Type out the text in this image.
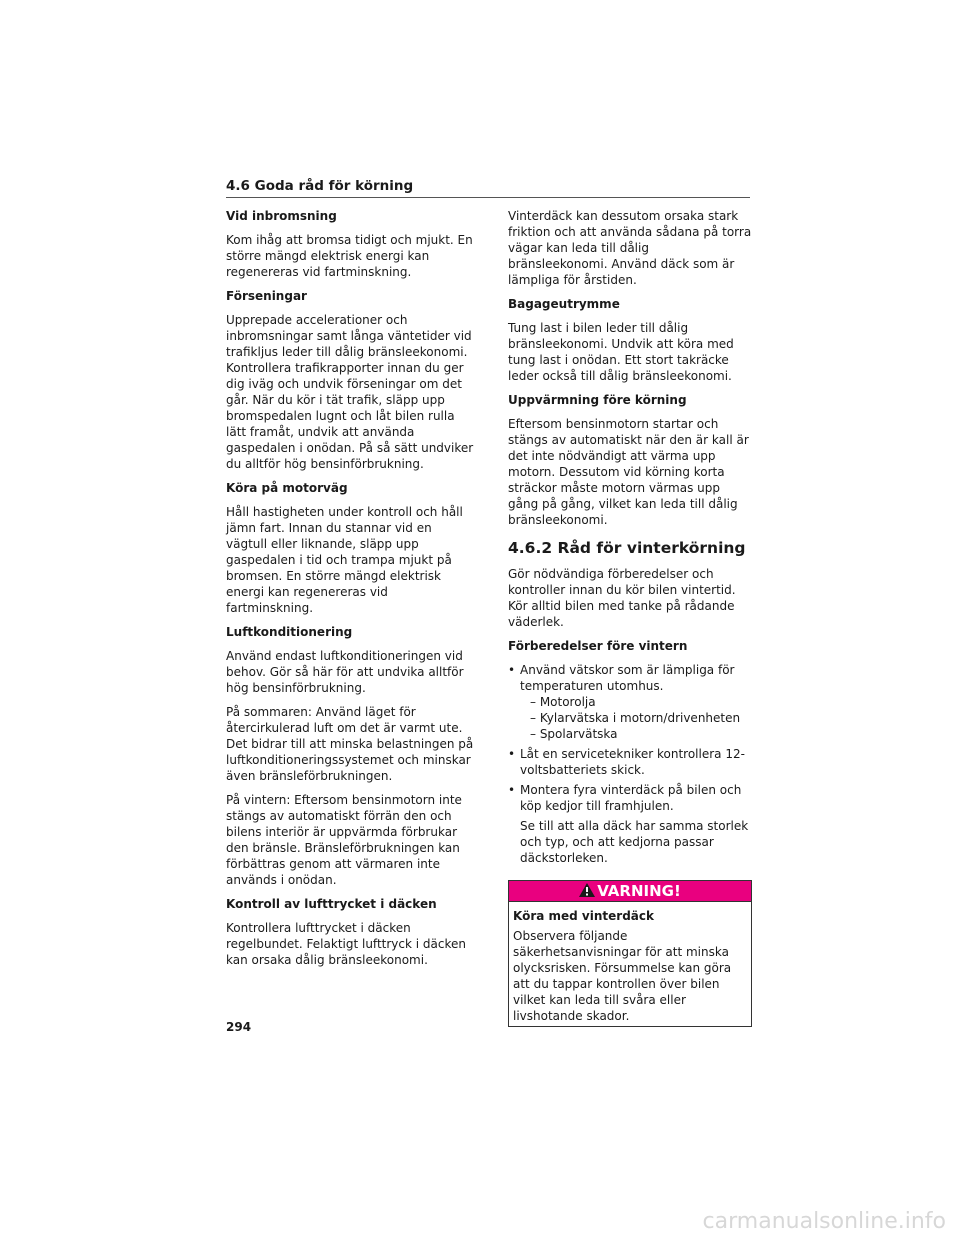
4.6 Goda råd för körning
Vid inbromsning
Kom ihåg att bromsa tidigt och mjukt. En större mängd elektrisk energi kan regenereras vid fartminskning.
Förseningar
Upprepade accelerationer och inbromsningar samt långa väntetider vid trafikljus leder till dålig bränsleekonomi. Kontrollera trafikrapporter innan du ger dig iväg och undvik förseningar om det går. När du kör i tät trafik, släpp upp bromspedalen lugnt och låt bilen rulla lätt framåt, undvik att använda gaspedalen i onödan. På så sätt undviker du alltför hög bensinförbrukning.
Köra på motorväg
Håll hastigheten under kontroll och håll jämn fart. Innan du stannar vid en vägtull eller liknande, släpp upp gaspedalen i tid och trampa mjukt på bromsen. En större mängd elektrisk energi kan regenereras vid fartminskning.
Luftkonditionering
Använd endast luftkonditioneringen vid behov. Gör så här för att undvika alltför hög bensinförbrukning.
På sommaren: Använd läget för återcirkulerad luft om det är varmt ute. Det bidrar till att minska belastningen på luftkonditioneringssystemet och minskar även bränsleförbrukningen.
På vintern: Eftersom bensinmotorn inte stängs av automatiskt förrän den och bilens interiör är uppvärmda förbrukar den bränsle. Bränsleförbrukningen kan förbättras genom att värmaren inte används i onödan.
Kontroll av lufttrycket i däcken
Kontrollera lufttrycket i däcken regelbundet. Felaktigt lufttryck i däcken kan orsaka dålig bränsleekonomi.
Vinterdäck kan dessutom orsaka stark friktion och att använda sådana på torra vägar kan leda till dålig bränsleekonomi. Använd däck som är lämpliga för årstiden.
Bagageutrymme
Tung last i bilen leder till dålig bränsleekonomi. Undvik att köra med tung last i onödan. Ett stort takräcke leder också till dålig bränsleekonomi.
Uppvärmning före körning
Eftersom bensinmotorn startar och stängs av automatiskt när den är kall är det inte nödvändigt att värma upp motorn. Dessutom vid körning korta sträckor måste motorn värmas upp gång på gång, vilket kan leda till dålig bränsleekonomi.
4.6.2 Råd för vinterkörning
Gör nödvändiga förberedelser och kontroller innan du kör bilen vintertid. Kör alltid bilen med tanke på rådande väderlek.
Förberedelser före vintern
• Använd vätskor som är lämpliga för temperaturen utomhus.
– Motorolja
– Kylarvätska i motorn/drivenheten
– Spolarvätska
• Låt en servicetekniker kontrollera 12-voltsbatteriets skick.
• Montera fyra vinterdäck på bilen och köp kedjor till framhjulen.
Se till att alla däck har samma storlek och typ, och att kedjorna passar däckstorleken.
VARNING!
Köra med vinterdäck
Observera följande säkerhetsanvisningar för att minska olycksrisken. Försummelse kan göra att du tappar kontrollen över bilen vilket kan leda till svåra eller livshotande skador.
294
carmanualsonline.info
